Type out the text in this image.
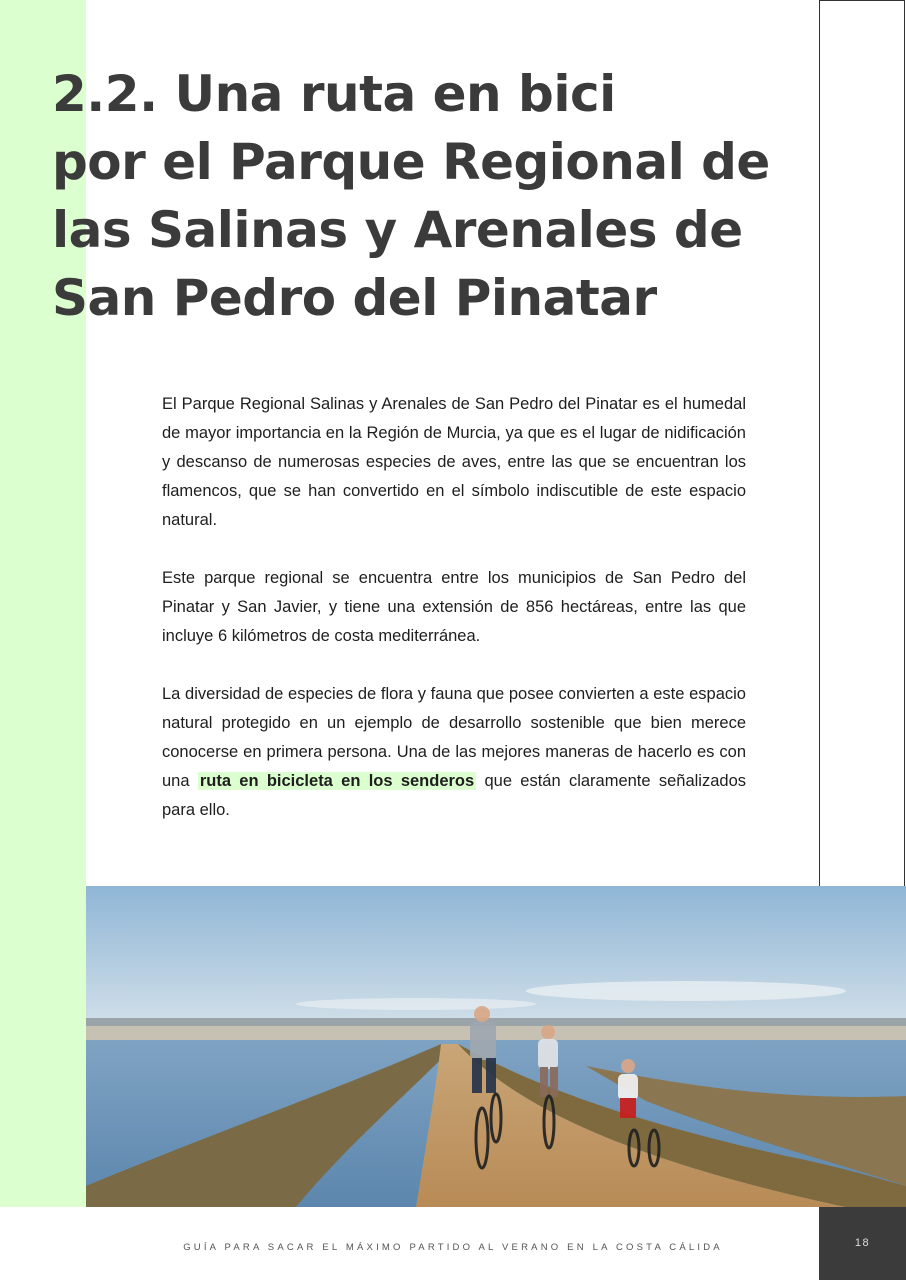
2.2. Una ruta en bici
por el Parque Regional de
las Salinas y Arenales de
San Pedro del Pinatar

El Parque Regional Salinas y Arenales de San Pedro del Pinatar es el humedal de mayor importancia en la Región de Murcia, ya que es el lugar de nidificación y descanso de numerosas especies de aves, entre las que se encuentran los flamencos, que se han convertido en el símbolo indiscutible de este espacio natural.

Este parque regional se encuentra entre los municipios de San Pedro del Pinatar y San Javier, y tiene una extensión de 856 hectáreas, entre las que incluye 6 kilómetros de costa mediterránea.

La diversidad de especies de flora y fauna que posee convierten a este espacio natural protegido en un ejemplo de desarrollo sostenible que bien merece conocerse en primera persona. Una de las mejores maneras de hacerlo es con una ruta en bicicleta en los senderos que están claramente señalizados para ello.

GUÍA PARA SACAR EL MÁXIMO PARTIDO AL VERANO EN LA COSTA CÁLIDA	18
